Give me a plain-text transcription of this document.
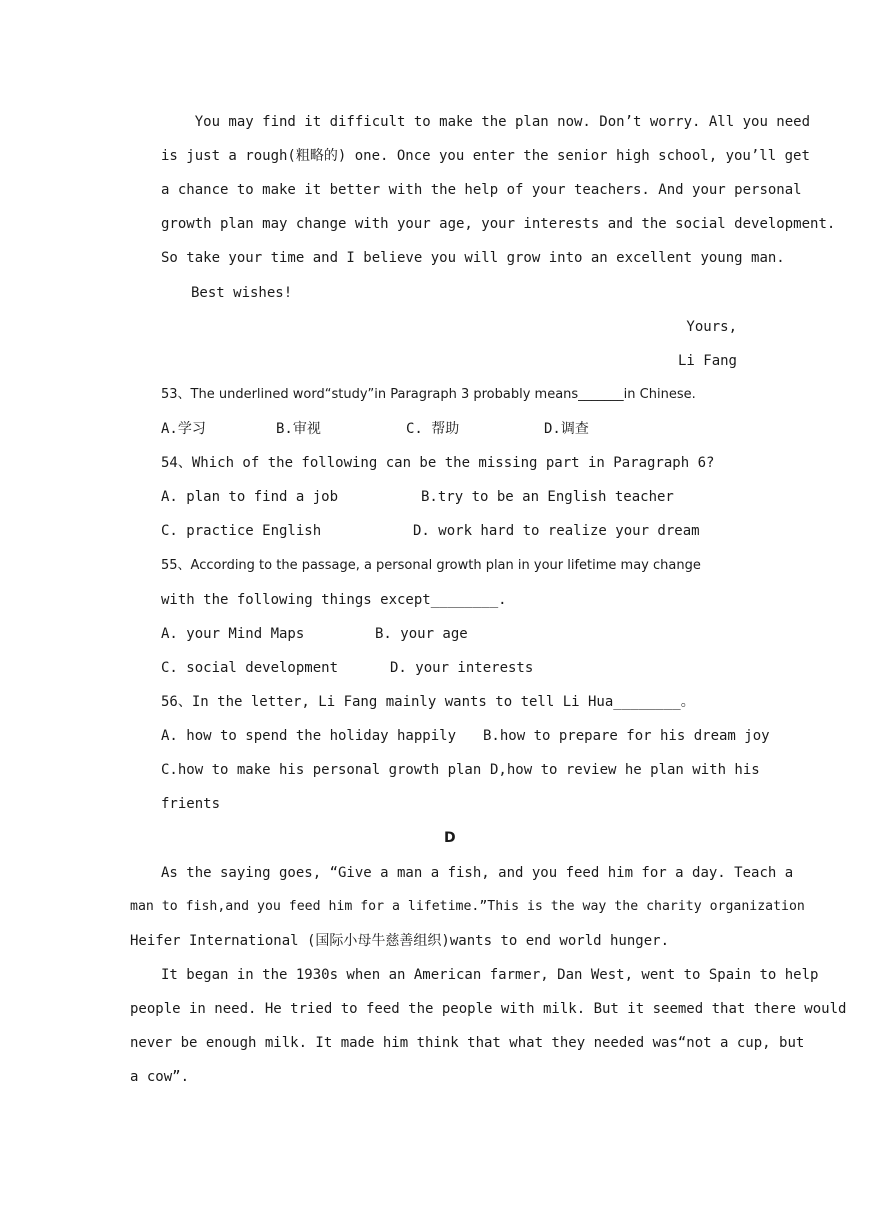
You may find it difficult to make the plan now. Don’t worry. All you need
is just a rough(粗略的) one. Once you enter the senior high school, you’ll get
a chance to make it better with the help of your teachers. And your personal
growth plan may change with your age, your interests and the social development.
So take your time and I believe you will grow into an excellent young man.
Best wishes!
Yours,
Li Fang
53、The underlined word“study”in Paragraph 3 probably means_______in Chinese.
A.学习	B.审视	C. 帮助	D.调查
54、Which of the following can be the missing part in Paragraph 6?
A. plan to find a job	B.try to be an English teacher
C. practice English	D. work hard to realize your dream
55、According to the passage, a personal growth plan in your lifetime may change
with the following things except________.
A. your Mind Maps	B. your age
C. social development	D. your interests
56、In the letter, Li Fang mainly wants to tell Li Hua________。
A. how to spend the holiday happily B.how to prepare for his dream joy
C.how to make his personal growth plan D,how to review he plan with his
frients
D
As the saying goes, “Give a man a fish, and you feed him for a day. Teach a
man to fish,and you feed him for a lifetime.”This is the way the charity organization
Heifer International (国际小母牛慈善组织)wants to end world hunger.
It began in the 1930s when an American farmer, Dan West, went to Spain to help
people in need. He tried to feed the people with milk. But it seemed that there would
never be enough milk. It made him think that what they needed was“not a cup, but
a cow”.
